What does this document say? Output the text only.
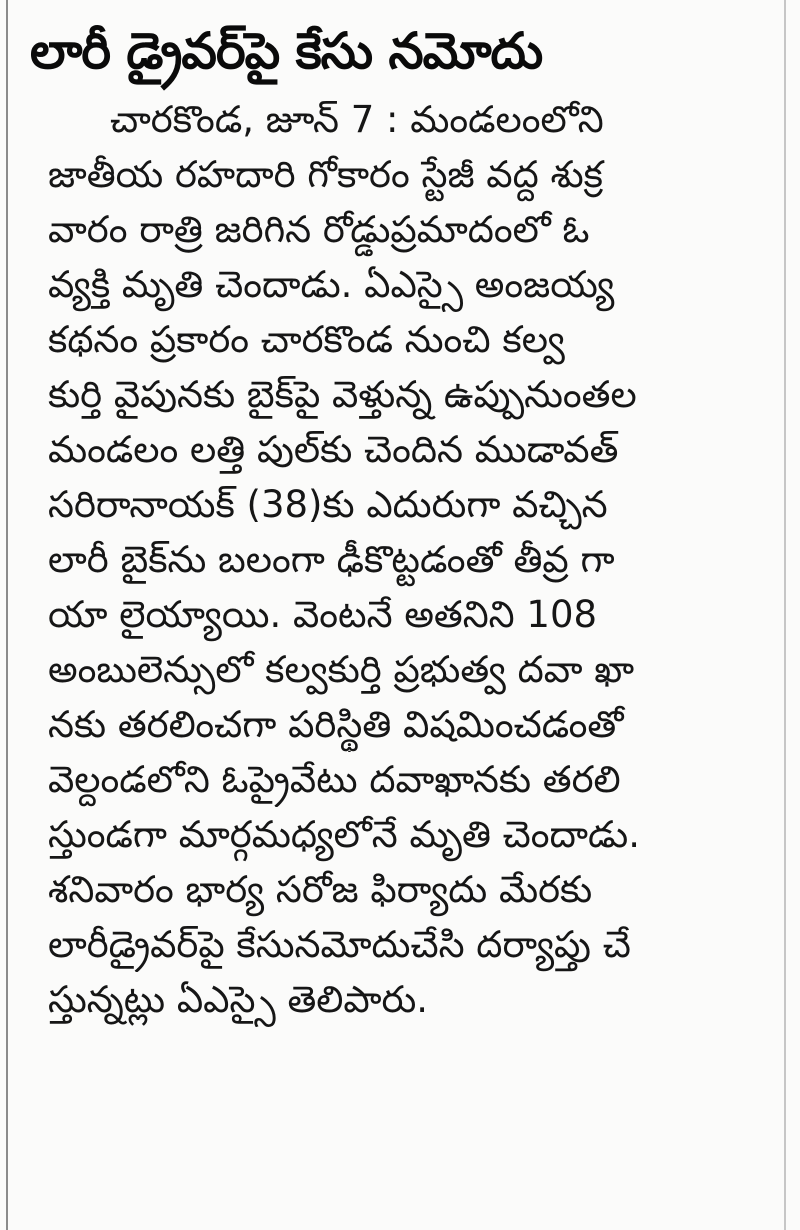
లారీ డ్రైవర్‌పై కేసు నమోదు
చారకొండ, జూన్ 7 : మండలంలోని
జాతీయ రహదారి గోకారం స్టేజీ వద్ద శుక్ర
వారం రాత్రి జరిగిన రోడ్డుప్రమాదంలో ఓ
వ్యక్తి మృతి చెందాడు. ఏఎస్సై అంజయ్య
కథనం ప్రకారం చారకొండ నుంచి కల్వ
కుర్తి వైపునకు బైక్‌పై వెళ్తున్న ఉప్పునుంతల
మండలం లత్తి పుల్‌కు చెందిన ముడావత్
సరిరానాయక్ (38)కు ఎదురుగా వచ్చిన
లారీ బైక్‌ను బలంగా ఢీకొట్టడంతో తీవ్ర గా
యా లైయ్యాయి. వెంటనే అతనిని 108
అంబులెన్సులో కల్వకుర్తి ప్రభుత్వ దవా ఖా
నకు తరలించగా పరిస్థితి విషమించడంతో
వెల్దండలోని ఓప్రైవేటు దవాఖానకు తరలి
స్తుండగా మార్గమధ్యలోనే మృతి చెందాడు.
శనివారం భార్య సరోజ ఫిర్యాదు మేరకు
లారీడ్రైవర్‌పై కేసునమోదుచేసి దర్యాప్తు చే
స్తున్నట్లు ఏఎస్సై తెలిపారు.
